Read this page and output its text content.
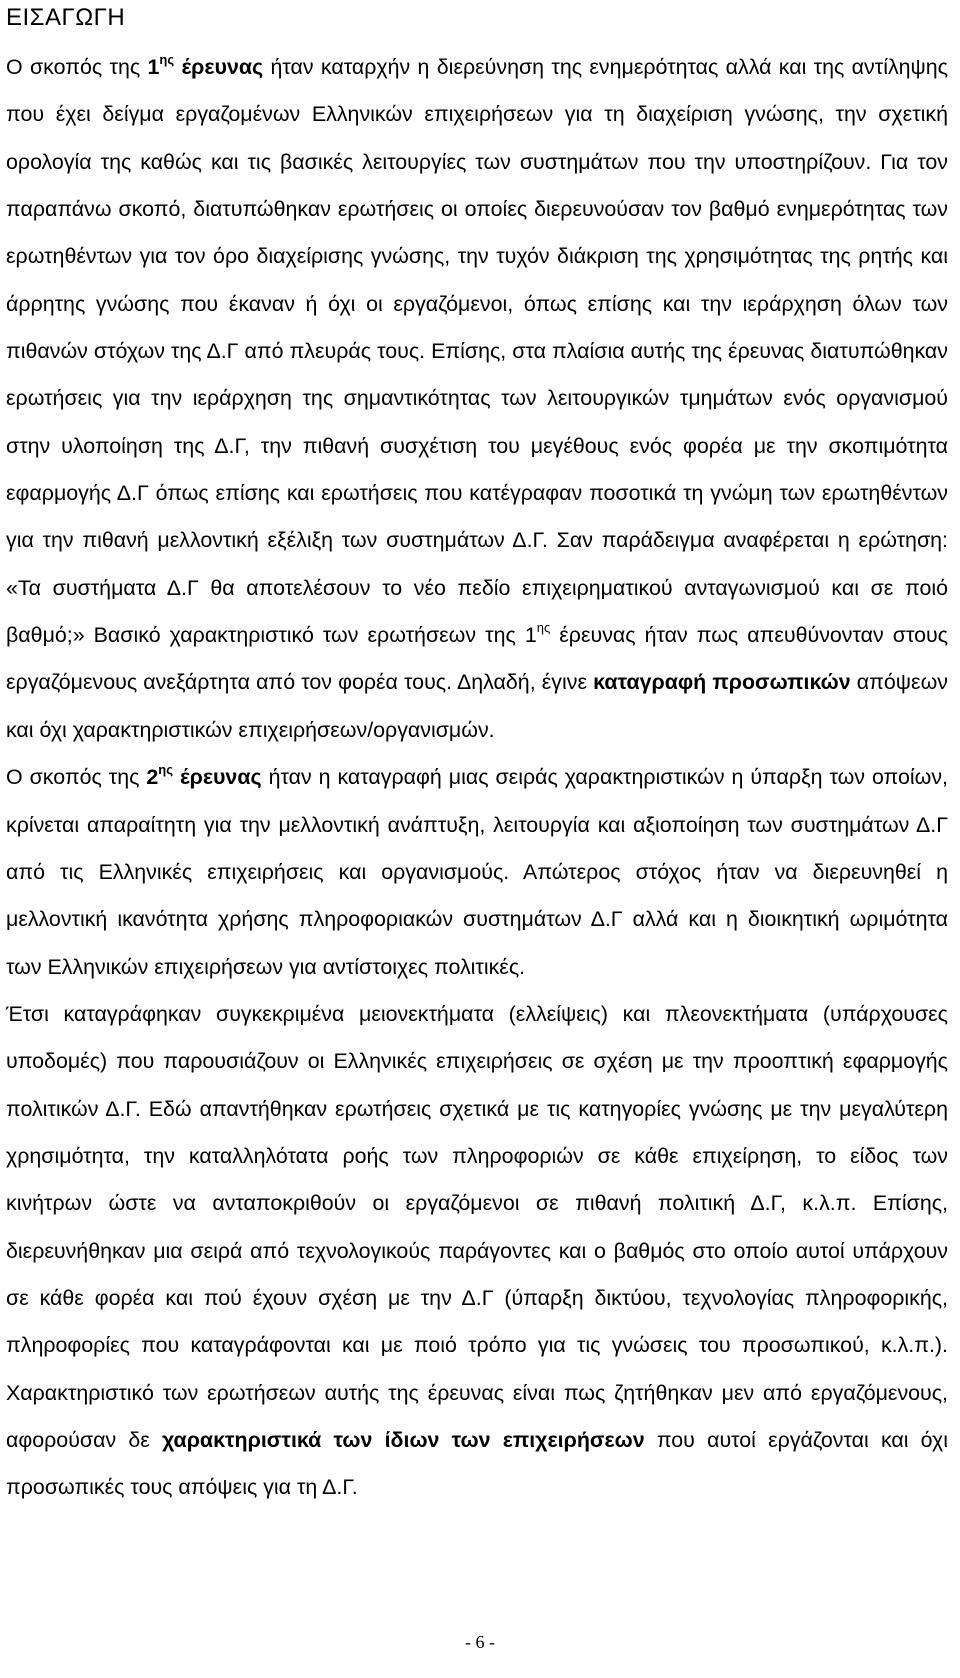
ΕΙΣΑΓΩΓΗ

Ο σκοπός της $1^{\eta\varsigma}$ έρευνας ήταν καταρχήν η διερεύνηση της ενημερότητας αλλά και της αντίληψης που έχει δείγμα εργαζομένων Ελληνικών επιχειρήσεων για τη διαχείριση γνώσης, την σχετική ορολογία της καθώς και τις βασικές λειτουργίες των συστημάτων που την υποστηρίζουν. Για τον παραπάνω σκοπό, διατυπώθηκαν ερωτήσεις οι οποίες διερευνούσαν τον βαθμό ενημερότητας των ερωτηθέντων για τον όρο διαχείρισης γνώσης, την τυχόν διάκριση της χρησιμότητας της ρητής και άρρητης γνώσης που έκαναν ή όχι οι εργαζόμενοι, όπως επίσης και την ιεράρχηση όλων των πιθανών στόχων της Δ.Γ από πλευράς τους. Επίσης, στα πλαίσια αυτής της έρευνας διατυπώθηκαν ερωτήσεις για την ιεράρχηση της σημαντικότητας των λειτουργικών τμημάτων ενός οργανισμού στην υλοποίηση της Δ.Γ, την πιθανή συσχέτιση του μεγέθους ενός φορέα με την σκοπιμότητα εφαρμογής Δ.Γ όπως επίσης και ερωτήσεις που κατέγραφαν ποσοτικά τη γνώμη των ερωτηθέντων για την πιθανή μελλοντική εξέλιξη των συστημάτων Δ.Γ. Σαν παράδειγμα αναφέρεται η ερώτηση: «Τα συστήματα Δ.Γ θα αποτελέσουν το νέο πεδίο επιχειρηματικού ανταγωνισμού και σε ποιό βαθμό;» Βασικό χαρακτηριστικό των ερωτήσεων της $1^{\eta\varsigma}$ έρευνας ήταν πως απευθύνονταν στους εργαζόμενους ανεξάρτητα από τον φορέα τους. Δηλαδή, έγινε καταγραφή προσωπικών απόψεων και όχι χαρακτηριστικών επιχειρήσεων/οργανισμών.

Ο σκοπός της $2^{\eta\varsigma}$ έρευνας ήταν η καταγραφή μιας σειράς χαρακτηριστικών η ύπαρξη των οποίων, κρίνεται απαραίτητη για την μελλοντική ανάπτυξη, λειτουργία και αξιοποίηση των συστημάτων Δ.Γ από τις Ελληνικές επιχειρήσεις και οργανισμούς. Απώτερος στόχος ήταν να διερευνηθεί η μελλοντική ικανότητα χρήσης πληροφοριακών συστημάτων Δ.Γ αλλά και η διοικητική ωριμότητα των Ελληνικών επιχειρήσεων για αντίστοιχες πολιτικές.

Έτσι καταγράφηκαν συγκεκριμένα μειονεκτήματα (ελλείψεις) και πλεονεκτήματα (υπάρχουσες υποδομές) που παρουσιάζουν οι Ελληνικές επιχειρήσεις σε σχέση με την προοπτική εφαρμογής πολιτικών Δ.Γ. Εδώ απαντήθηκαν ερωτήσεις σχετικά με τις κατηγορίες γνώσης με την μεγαλύτερη χρησιμότητα, την καταλληλότατα ροής των πληροφοριών σε κάθε επιχείρηση, το είδος των κινήτρων ώστε να ανταποκριθούν οι εργαζόμενοι σε πιθανή πολιτική Δ.Γ, κ.λ.π. Επίσης, διερευνήθηκαν μια σειρά από τεχνολογικούς παράγοντες και ο βαθμός στο οποίο αυτοί υπάρχουν σε κάθε φορέα και πού έχουν σχέση με την Δ.Γ (ύπαρξη δικτύου, τεχνολογίας πληροφορικής, πληροφορίες που καταγράφονται και με ποιό τρόπο για τις γνώσεις του προσωπικού, κ.λ.π.). Χαρακτηριστικό των ερωτήσεων αυτής της έρευνας είναι πως ζητήθηκαν μεν από εργαζόμενους, αφορούσαν δε χαρακτηριστικά των ίδιων των επιχειρήσεων που αυτοί εργάζονται και όχι προσωπικές τους απόψεις για τη Δ.Γ.

- 6 -
